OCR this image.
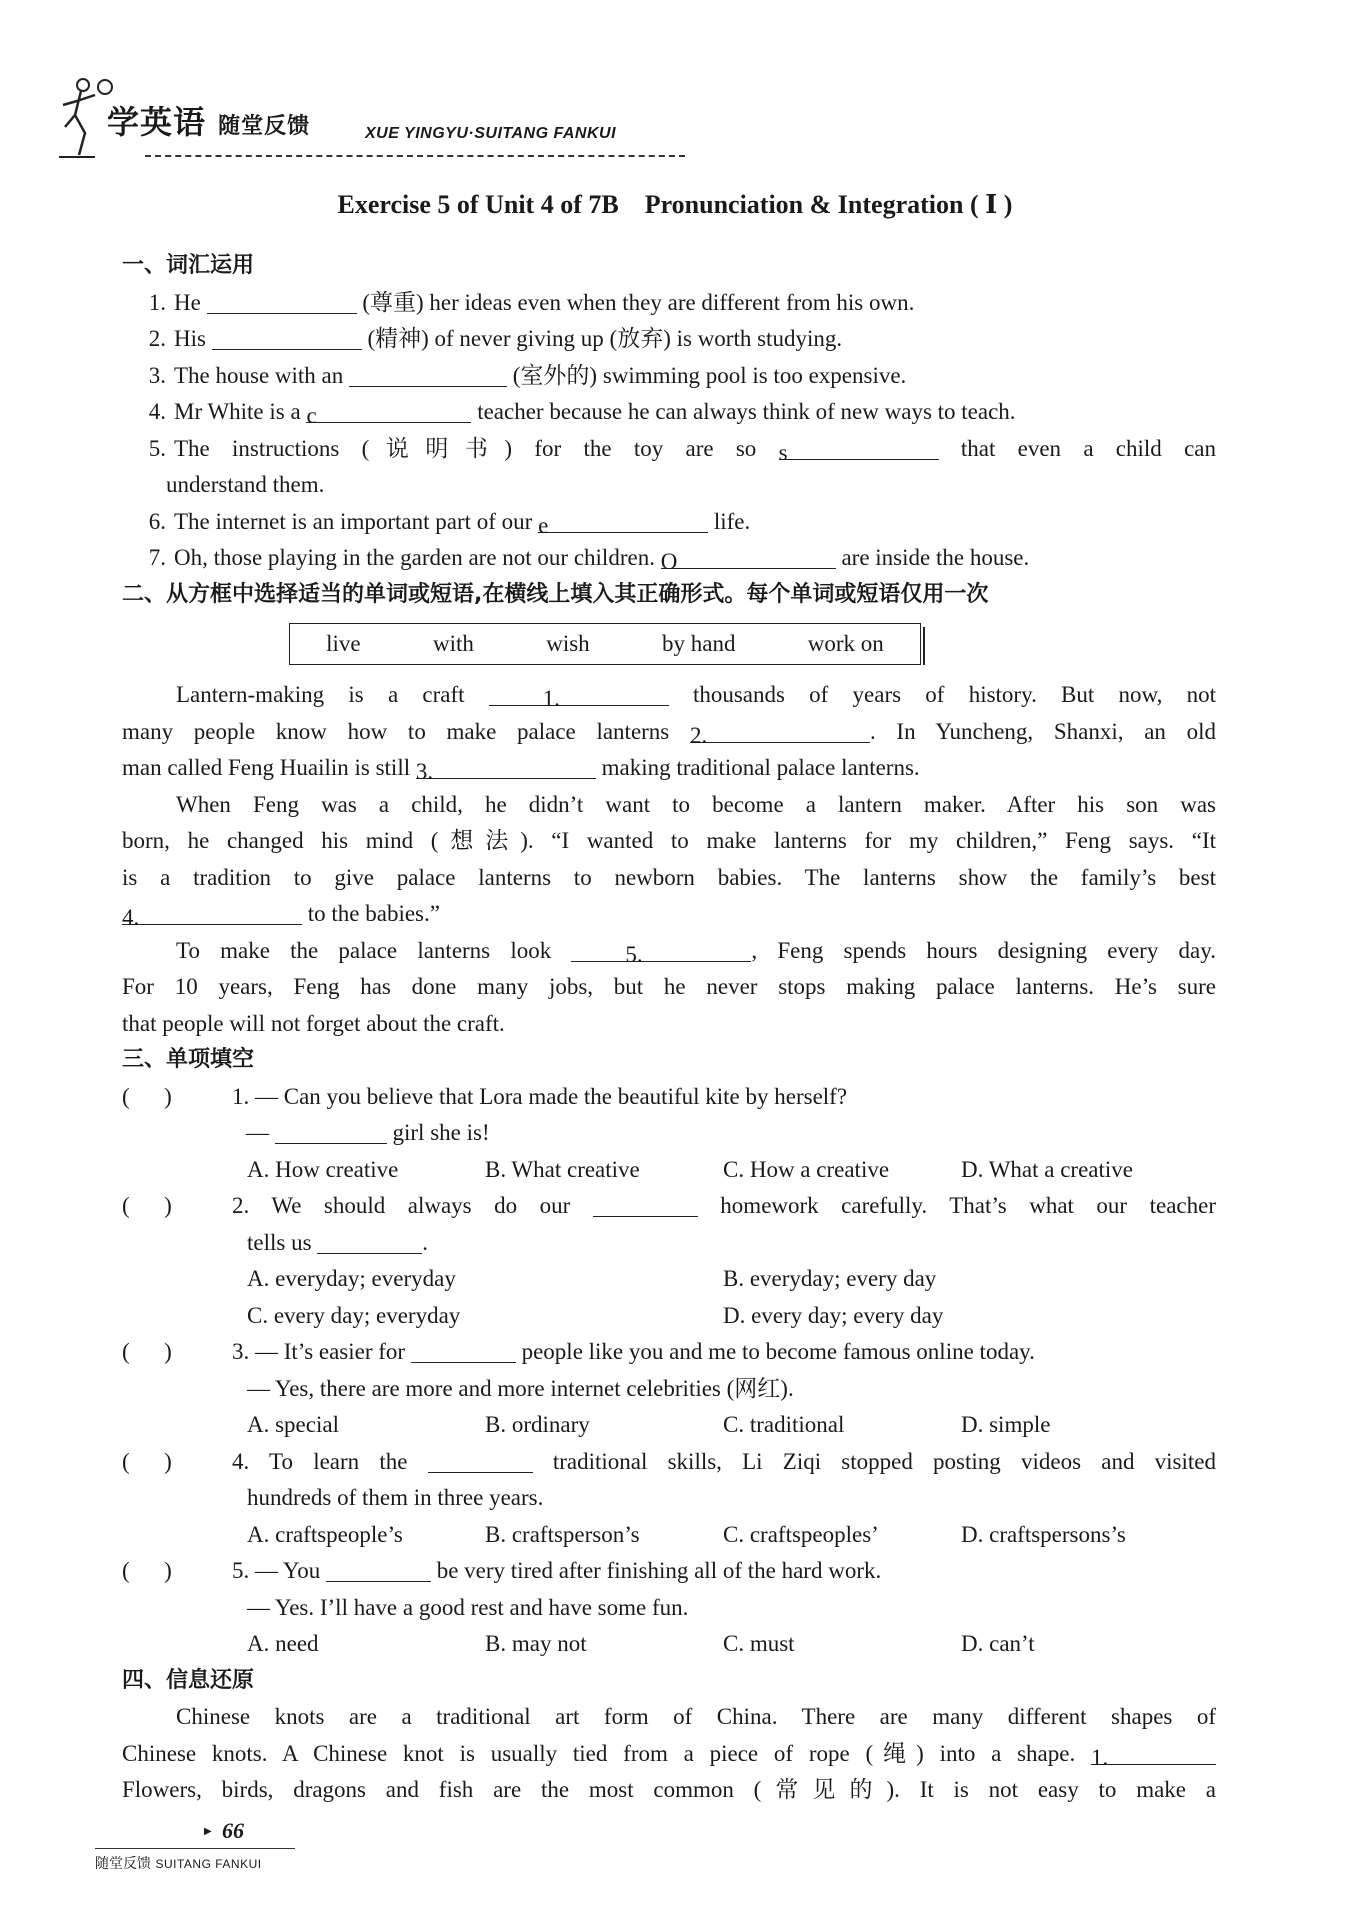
学英语 随堂反馈	XUE YINGYU·SUITANG FANKUI
Exercise 5 of Unit 4 of 7B    Pronunciation & Integration ( Ⅰ )
一、词汇运用
1. He	(尊重) her ideas even when they are different from his own.
2. His	(精神) of never giving up (放弃) is worth studying.
3. The house with an	(室外的) swimming pool is too expensive.
4. Mr White is a c	teacher because he can always think of new ways to teach.
5. The instructions (说明书) for the toy are so s	that even a child can
understand them.
6. The internet is an important part of our e	life.
7. Oh, those playing in the garden are not our children. O	are inside the house.
二、从方框中选择适当的单词或短语,在横线上填入其正确形式。每个单词或短语仅用一次
live	with	wish	by hand	work on
Lantern-making is a craft 1.	thousands of years of history. But now, not
many people know how to make palace lanterns 2.	. In Yuncheng, Shanxi, an old
man called Feng Huailin is still 3.	making traditional palace lanterns.
When Feng was a child, he didn’t want to become a lantern maker. After his son was
born, he changed his mind (想法). “I wanted to make lanterns for my children,” Feng says. “It
is a tradition to give palace lanterns to newborn babies. The lanterns show the family’s best
4.	to the babies.”
To make the palace lanterns look 5.	, Feng spends hours designing every day.
For 10 years, Feng has done many jobs, but he never stops making palace lanterns. He’s sure
that people will not forget about the craft.
三、单项填空
(      )	1. — Can you believe that Lora made the beautiful kite by herself?
—	girl she is!
A. How creative	B. What creative	C. How a creative	D. What a creative
(      )	2. We should always do our	homework carefully. That’s what our teacher
tells us	.
A. everyday; everyday	B. everyday; every day
C. every day; everyday	D. every day; every day
(      )	3. — It’s easier for	people like you and me to become famous online today.
— Yes, there are more and more internet celebrities (网红).
A. special	B. ordinary	C. traditional	D. simple
(      )	4. To learn the	traditional skills, Li Ziqi stopped posting videos and visited
hundreds of them in three years.
A. craftspeople’s	B. craftsperson’s	C. craftspeoples’	D. craftspersons’s
(      )	5. — You	be very tired after finishing all of the hard work.
— Yes. I’ll have a good rest and have some fun.
A. need	B. may not	C. must	D. can’t
四、信息还原
Chinese knots are a traditional art form of China. There are many different shapes of
Chinese knots. A Chinese knot is usually tied from a piece of rope (绳) into a shape. 1.
Flowers, birds, dragons and fish are the most common (常见的). It is not easy to make a
▶ 66
随堂反馈 SUITANG FANKUI
